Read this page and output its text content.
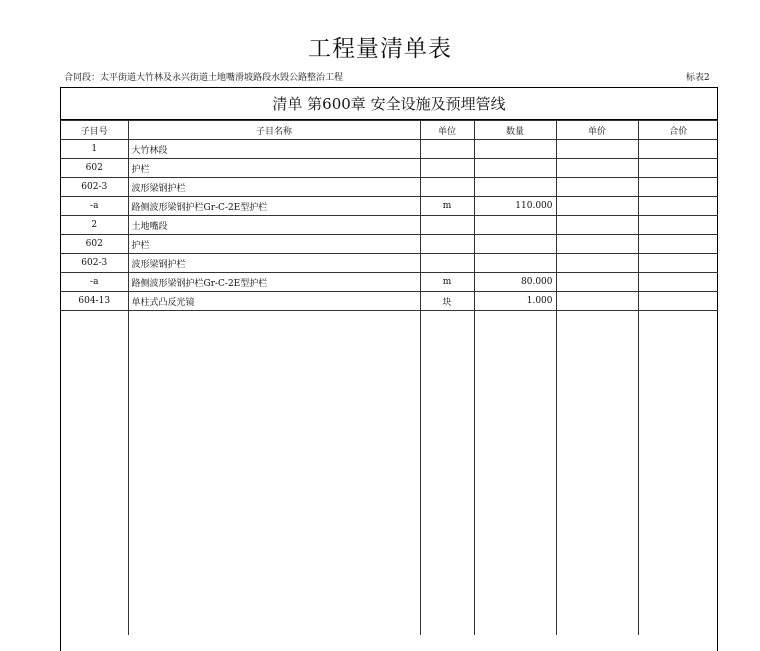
工程量清单表
合同段：太平街道大竹林及永兴街道土地嘴滑坡路段水毁公路整治工程	标表2
清单 第600章 安全设施及预埋管线
子目号	子目名称	单位	数量	单价	合价
1	大竹林段				
602	护栏				
602-3	波形梁钢护栏				
-a	路侧波形梁钢护栏Gr-C-2E型护栏	m	110.000		
2	土地嘴段				
602	护栏				
602-3	波形梁钢护栏				
-a	路侧波形梁钢护栏Gr-C-2E型护栏	m	80.000		
604-13	单柱式凸反光镜	块	1.000		
